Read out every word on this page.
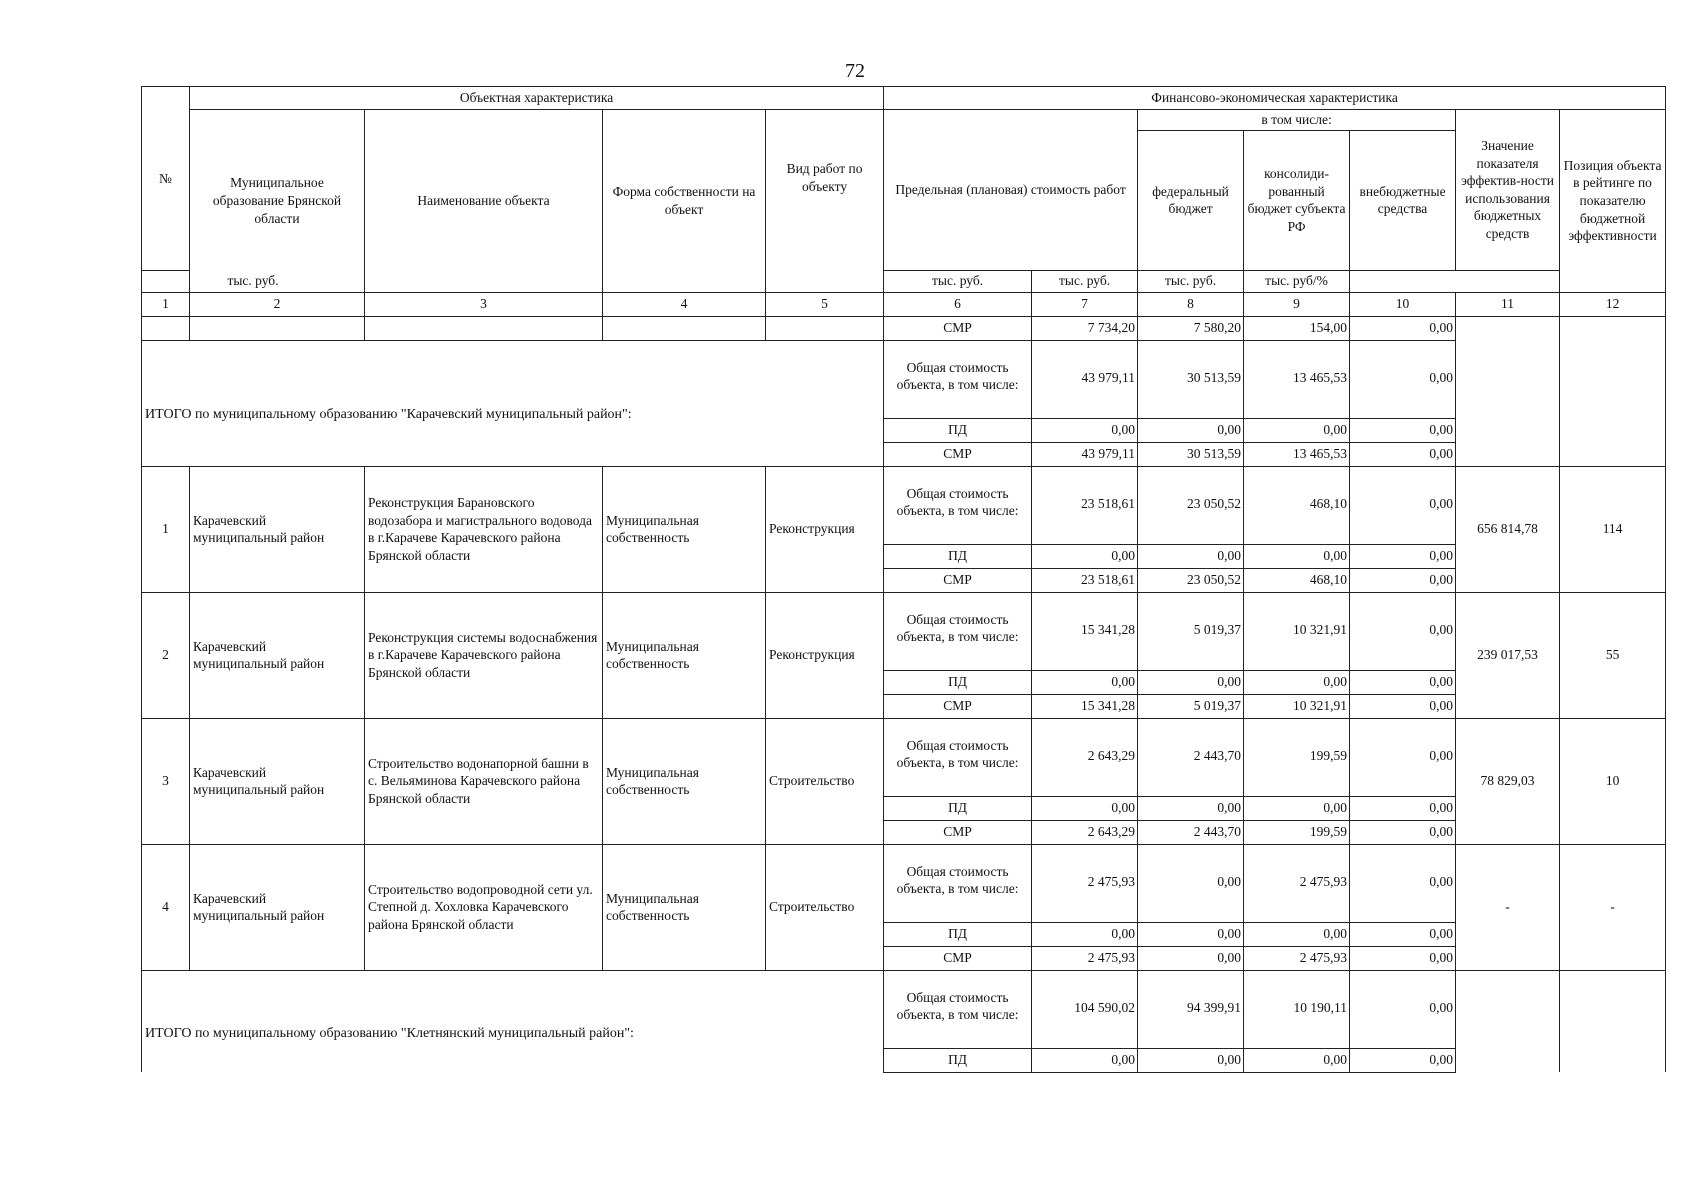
72
№	Объектная характеристика				Финансово-экономическая характеристика						
	Муниципальное образование Брянской области	Наименование объекта	Форма собственности на объект	Вид работ по объекту	Предельная (плановая) стоимость работ		в том числе:			Значение показателя эффектив-ности использования бюджетных средств	Позиция объекта в рейтинге по показателю бюджетной эффективности
							федеральный бюджет	консолиди-рованный бюджет субъекта РФ	внебюджетные средства		
тыс. руб.					тыс. руб.	тыс. руб.	тыс. руб.	тыс. руб/%			
1	2	3	4	5	6	7	8	9	10	11	12
					СМР	7 734,20	7 580,20	154,00	0,00		
ИТОГО по муниципальному образованию "Карачевский муниципальный район":					Общая стоимость объекта, в том числе:	43 979,11	30 513,59	13 465,53	0,00		
					ПД	0,00	0,00	0,00	0,00		
					СМР	43 979,11	30 513,59	13 465,53	0,00		
1	Карачевский муниципальный район	Реконструкция Барановского водозабора и магистрального водовода в г.Карачеве Карачевского района Брянской области	Муниципальная собственность	Реконструкция	Общая стоимость объекта, в том числе:	23 518,61	23 050,52	468,10	0,00	656 814,78	114
					ПД	0,00	0,00	0,00	0,00		
					СМР	23 518,61	23 050,52	468,10	0,00		
2	Карачевский муниципальный район	Реконструкция системы водоснабжения в г.Карачеве Карачевского района Брянской области	Муниципальная собственность	Реконструкция	Общая стоимость объекта, в том числе:	15 341,28	5 019,37	10 321,91	0,00	239 017,53	55
					ПД	0,00	0,00	0,00	0,00		
					СМР	15 341,28	5 019,37	10 321,91	0,00		
3	Карачевский муниципальный район	Строительство водонапорной башни в с. Вельяминова Карачевского района Брянской области	Муниципальная собственность	Строительство	Общая стоимость объекта, в том числе:	2 643,29	2 443,70	199,59	0,00	78 829,03	10
					ПД	0,00	0,00	0,00	0,00		
					СМР	2 643,29	2 443,70	199,59	0,00		
4	Карачевский муниципальный район	Строительство водопроводной сети ул. Степной д. Хохловка Карачевского района Брянской области	Муниципальная собственность	Строительство	Общая стоимость объекта, в том числе:	2 475,93	0,00	2 475,93	0,00	-	-
					ПД	0,00	0,00	0,00	0,00		
					СМР	2 475,93	0,00	2 475,93	0,00		
ИТОГО по муниципальному образованию "Клетнянский муниципальный район":					Общая стоимость объекта, в том числе:	104 590,02	94 399,91	10 190,11	0,00		
					ПД	0,00	0,00	0,00	0,00		
